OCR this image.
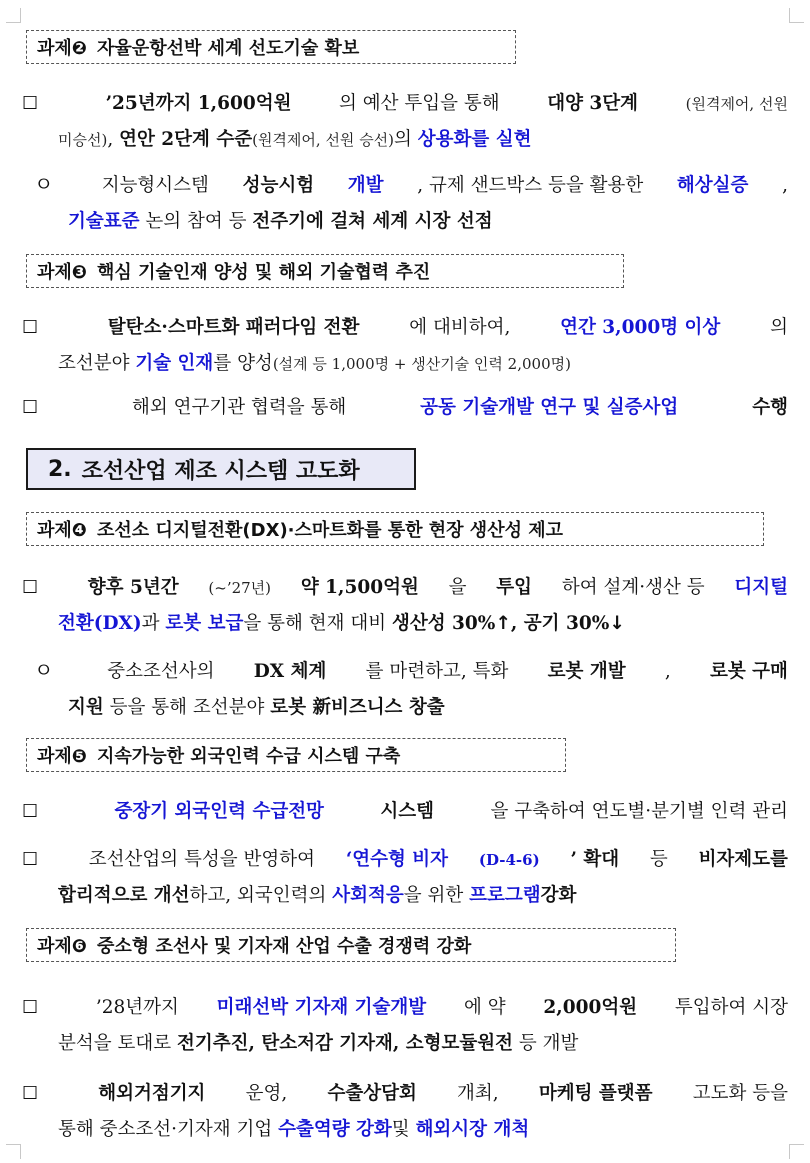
과제❷ 자율운항선박 세계 선도기술 확보
☐	’25년까지 1,600억원	의 예산 투입을 통해	대양 3단계	(원격제어, 선원
미승선) ,
연안 2단계 수준 (원격제어, 선원 승선) 의
상용화를 실현
ㅇ	지능형시스템 성능시험 개발 , 규제 샌드박스 등을 활용한 해상실증 ,
기술표준
논의 참여 등
전주기에 걸쳐 세계 시장 선점
과제❸ 핵심 기술인재 양성 및 해외 기술협력 추진
☐	탈탄소·스마트화 패러다임 전환	에 대비하여,	연간 3,000명 이상	의
조선분야
기술 인재 를 양성 (설계 등 1,000명 + 생산기술 인력 2,000명)
☐	해외 연구기관 협력을 통해	공동 기술개발 연구 및 실증사업	수행
2. 조선산업 제조 시스템 고도화
과제❹ 조선소 디지털전환(DX)·스마트화를 통한 현장 생산성 제고
☐	향후 5년간 (~’27년) 약 1,500억원 을 투입 하여 설계·생산 등 디지털
전환(DX) 과
로봇 보급 을 통해 현재 대비
생산성 30% ↑ , 공기 30% ↓
ㅇ	중소조선사의 DX 체계 를 마련하고, 특화 로봇 개발 , 로봇 구매
지원
등을 통해 조선분야
로봇 新비즈니스 창출
과제❺ 지속가능한 외국인력 수급 시스템 구축
☐	중장기 외국인력 수급전망	시스템	을 구축하여 연도별·분기별 인력 관리
☐	조선산업의 특성을 반영하여 ‘연수형 비자 (D-4-6) ’ 확대 등 비자제도를
합리적으로 개선 하고, 외국인력의
사회적응 을 위한
프로그램 강화
과제❻ 중소형 조선사 및 기자재 산업 수출 경쟁력 강화
☐	’28년까지 미래선박 기자재 기술개발 에 약 2,000억원 투입하여 시장
분석을 토대로
전기추진, 탄소저감 기자재, 소형모듈원전
등 개발
☐	해외거점기지 운영, 수출상담회 개최, 마케팅 플랫폼 고도화 등을
통해 중소조선·기자재 기업
수출역량 강화 및
해외시장 개척
